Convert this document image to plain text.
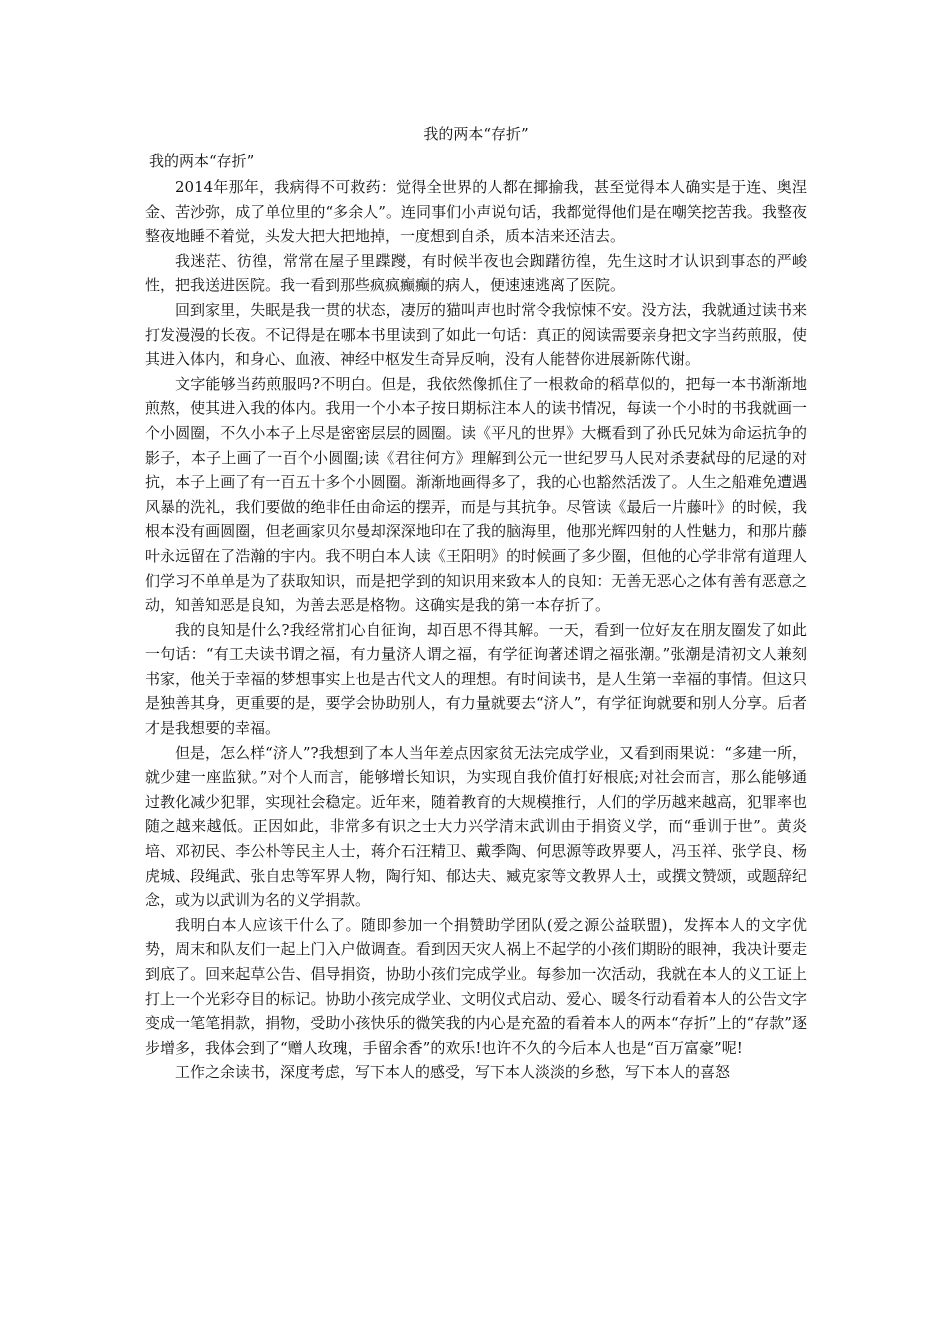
我的两本“存折”

我的两本“存折”

2014年那年，我病得不可救药：觉得全世界的人都在揶揄我，甚至觉得本人确实是于连、奥涅金、苦沙弥，成了单位里的“多余人”。连同事们小声说句话，我都觉得他们是在嘲笑挖苦我。我整夜整夜地睡不着觉，头发大把大把地掉，一度想到自杀，质本洁来还洁去。

我迷茫、彷徨，常常在屋子里蹀躞，有时候半夜也会踟躇彷徨，先生这时才认识到事态的严峻性，把我送进医院。我一看到那些疯疯癫癫的病人，便速速逃离了医院。

回到家里，失眠是我一贯的状态，凄厉的猫叫声也时常令我惊悚不安。没方法，我就通过读书来打发漫漫的长夜。不记得是在哪本书里读到了如此一句话：真正的阅读需要亲身把文字当药煎服，使其进入体内，和身心、血液、神经中枢发生奇异反响，没有人能替你进展新陈代谢。

文字能够当药煎服吗?不明白。但是，我依然像抓住了一根救命的稻草似的，把每一本书渐渐地煎熬，使其进入我的体内。我用一个小本子按日期标注本人的读书情况，每读一个小时的书我就画一个小圆圈，不久小本子上尽是密密层层的圆圈。读《平凡的世界》大概看到了孙氏兄妹为命运抗争的影子，本子上画了一百个小圆圈;读《君往何方》理解到公元一世纪罗马人民对杀妻弑母的尼逯的对抗，本子上画了有一百五十多个小圆圈。渐渐地画得多了，我的心也豁然活泼了。人生之船难免遭遇风暴的洗礼，我们要做的绝非任由命运的摆弄，而是与其抗争。尽管读《最后一片藤叶》的时候，我根本没有画圆圈，但老画家贝尔曼却深深地印在了我的脑海里，他那光辉四射的人性魅力，和那片藤叶永远留在了浩瀚的宇内。我不明白本人读《王阳明》的时候画了多少圈，但他的心学非常有道理人们学习不单单是为了获取知识，而是把学到的知识用来致本人的良知：无善无恶心之体有善有恶意之动，知善知恶是良知，为善去恶是格物。这确实是我的第一本存折了。

我的良知是什么?我经常扪心自征询，却百思不得其解。一天，看到一位好友在朋友圈发了如此一句话：“有工夫读书谓之福，有力量济人谓之福，有学征询著述谓之福张潮。”张潮是清初文人兼刻书家，他关于幸福的梦想事实上也是古代文人的理想。有时间读书，是人生第一幸福的事情。但这只是独善其身，更重要的是，要学会协助别人，有力量就要去“济人”，有学征询就要和别人分享。后者才是我想要的幸福。

但是，怎么样“济人”?我想到了本人当年差点因家贫无法完成学业，又看到雨果说：“多建一所，就少建一座监狱。”对个人而言，能够增长知识，为实现自我价值打好根底;对社会而言，那么能够通过教化减少犯罪，实现社会稳定。近年来，随着教育的大规模推行，人们的学历越来越高，犯罪率也随之越来越低。正因如此，非常多有识之士大力兴学清末武训由于捐资义学，而“垂训于世”。黄炎培、邓初民、李公朴等民主人士，蒋介石汪精卫、戴季陶、何思源等政界要人，冯玉祥、张学良、杨虎城、段绳武、张自忠等军界人物，陶行知、郁达夫、臧克家等文教界人士，或撰文赞颂，或题辞纪念，或为以武训为名的义学捐款。

我明白本人应该干什么了。随即参加一个捐赞助学团队(爱之源公益联盟)，发挥本人的文字优势，周末和队友们一起上门入户做调查。看到因天灾人祸上不起学的小孩们期盼的眼神，我决计要走到底了。回来起草公告、倡导捐资，协助小孩们完成学业。每参加一次活动，我就在本人的义工证上打上一个光彩夺目的标记。协助小孩完成学业、文明仪式启动、爱心、暖冬行动看着本人的公告文字变成一笔笔捐款，捐物，受助小孩快乐的微笑我的内心是充盈的看着本人的两本“存折”上的“存款”逐步增多，我体会到了“赠人玫瑰，手留余香”的欢乐!也许不久的今后本人也是“百万富豪”呢!

工作之余读书，深度考虑，写下本人的感受，写下本人淡淡的乡愁，写下本人的喜怒
